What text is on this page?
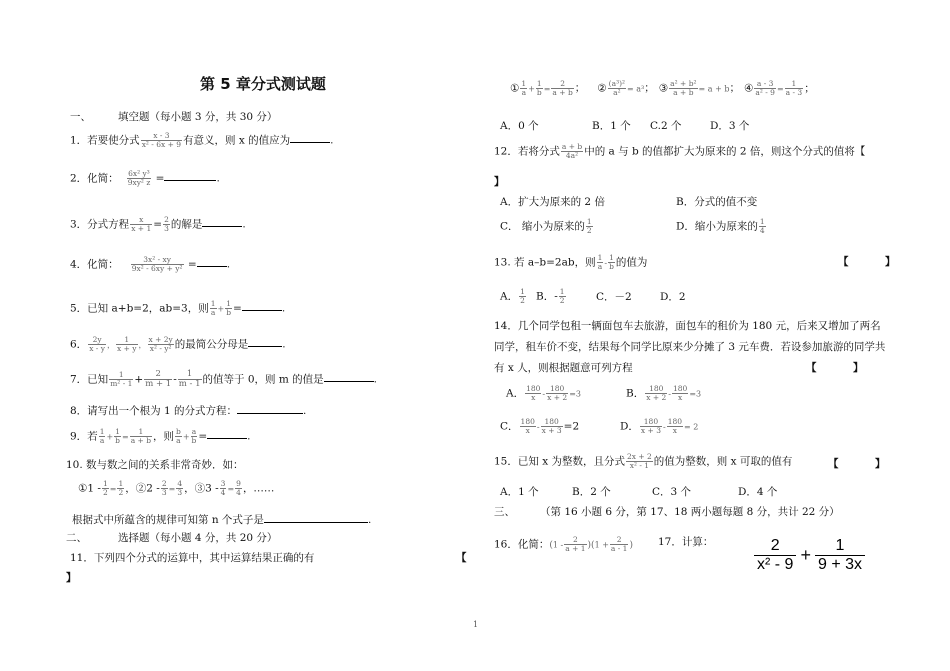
第 5 章分式测试题
一、	填空题（每小题 3 分，共 30 分）
1．若要使分式 $\frac{x - 3}{\text{x² - 6x + 9}}$ 有意义，则 x 的值应为	.
2．化简： $\frac{\text{6x² y³}}{\text{9xy² z}}$ =	.
3．分式方程 $\frac{x}{x + 1} = \frac{2}{3}$ 的解是	.
4．化简： $\frac{\text{3x² - xy}}{\text{9x² - 6xy + y²}}$ =	.
5．已知 a+b=2，ab=3，则 $\frac{1}{a} + \frac{1}{b}$ =	.
6． $\frac{2y}{x - y}$ ， $\frac{1}{x + y}$ ， $\frac{x + 2y}{\text{x² - y²}}$ 的最简公分母是	.
7．已知 $\frac{1}{\text{m² - 1}} + \frac{2}{m + 1} - \frac{1}{m - 1}$ 的值等于 0，则 m 的值是	.
8．请写出一个根为 1 的分式方程：	.
9．若 $\frac{1}{a} + \frac{1}{b} = \frac{1}{a + b}$ ，则 $\frac{b}{a} + \frac{a}{b}$ =	.
10. 数与数之间的关系非常奇妙．如：
①1 - $\frac{1}{2} = \frac{1}{2}$ ，②2 - $\frac{2}{3} = \frac{4}{3}$ ，③3 - $\frac{3}{4} = \frac{9}{4}$ ，……
根据式中所蕴含的规律可知第 n 个式子是	.
二、	选择题（每小题 4 分，共 20 分）
11．下列四个分式的运算中，其中运算结果正确的有	【
】
① $\frac{1}{a} + \frac{1}{b} = \frac{2}{a + b}$ ； ② $\frac{\text{(a³)²}}{\text{a²}} = a^3$； ③ $\frac{\text{a² + b²}}{a + b} = a + b$； ④ $\frac{a - 3}{\text{a² - 9}} = \frac{1}{a - 3}$ ；
A．0 个	B．1 个 C.2 个	D．3 个
12．若将分式 $\frac{a + b}{\text{4a²}}$ 中的 a 与 b 的值都扩大为原来的 2 倍，则这个分式的值将【
】
A．扩大为原来的 2 倍	B．分式的值不变
C． 缩小为原来的 $\frac{1}{2}$	D．缩小为原来的 $\frac{1}{4}$
13. 若 a–b=2ab，则 $\frac{1}{a} - \frac{1}{b}$ 的值为	【          】
A． $\frac{1}{2}$ B．- $\frac{1}{2}$	C．－2	D．2
14．几个同学包租一辆面包车去旅游，面包车的租价为 180 元，后来又增加了两名
同学，租车价不变，结果每个同学比原来少分摊了 3 元车费．若设参加旅游的同学共
有 x 人，则根据题意可列方程	【          】
A． $\frac{180}{x} - \frac{180}{x + 2} =3$	B． $\frac{180}{x + 2} - \frac{180}{x} =3$
C． $\frac{180}{x} - \frac{180}{x + 3} =2$	D． $\frac{180}{x + 3} - \frac{180}{x} = 2$
15．已知 x 为整数，且分式 $\frac{2x + 2}{\text{x² - 1}}$ 的值为整数，则 x 可取的值有	【          】
A．1 个	B．2 个	C．3 个	D．4 个
三、 （第 16 小题 6 分，第 17、18 两小题每题 8 分，共计 22 分）
16．化简：$(1 - \frac{2}{a + 1} )(1 + \frac{2}{a - 1}$ ) 17．计算：	$\frac{2}{\text{x² - 9}} + \frac{1}{9 + 3x}$
1
